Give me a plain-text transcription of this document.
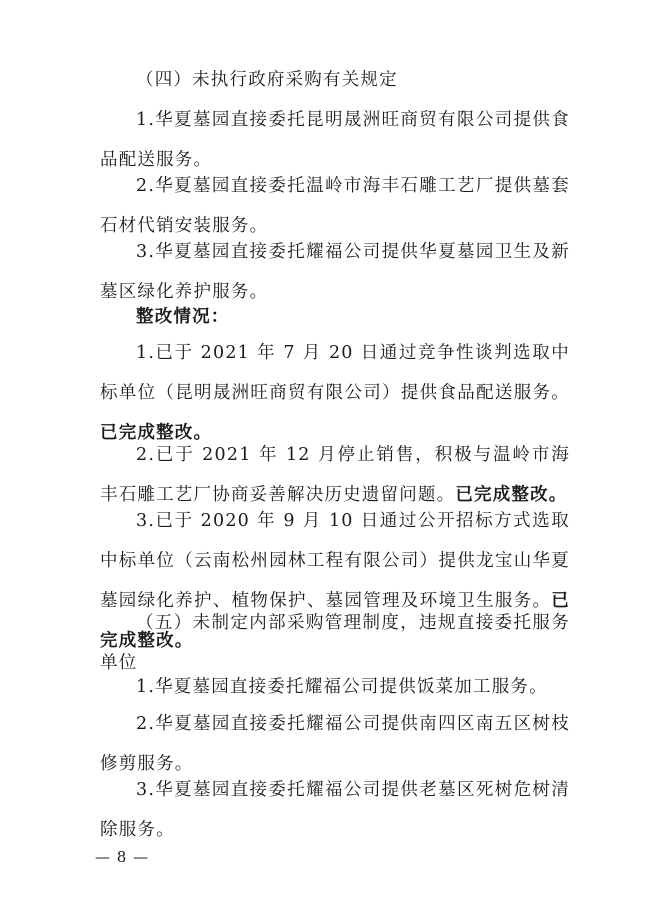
（四）未执行政府采购有关规定

1.华夏墓园直接委托昆明晟洲旺商贸有限公司提供食品配送服务。

2.华夏墓园直接委托温岭市海丰石雕工艺厂提供墓套石材代销安装服务。

3.华夏墓园直接委托耀福公司提供华夏墓园卫生及新墓区绿化养护服务。

整改情况：

1.已于 2021 年 7 月 20 日通过竞争性谈判选取中标单位（昆明晟洲旺商贸有限公司）提供食品配送服务。已完成整改。

2.已于 2021 年 12 月停止销售，积极与温岭市海丰石雕工艺厂协商妥善解决历史遗留问题。已完成整改。

3.已于 2020 年 9 月 10 日通过公开招标方式选取中标单位（云南松州园林工程有限公司）提供龙宝山华夏墓园绿化养护、植物保护、墓园管理及环境卫生服务。已完成整改。

（五）未制定内部采购管理制度，违规直接委托服务单位

1.华夏墓园直接委托耀福公司提供饭菜加工服务。

2.华夏墓园直接委托耀福公司提供南四区南五区树枝修剪服务。

3.华夏墓园直接委托耀福公司提供老墓区死树危树清除服务。

— 8 —
